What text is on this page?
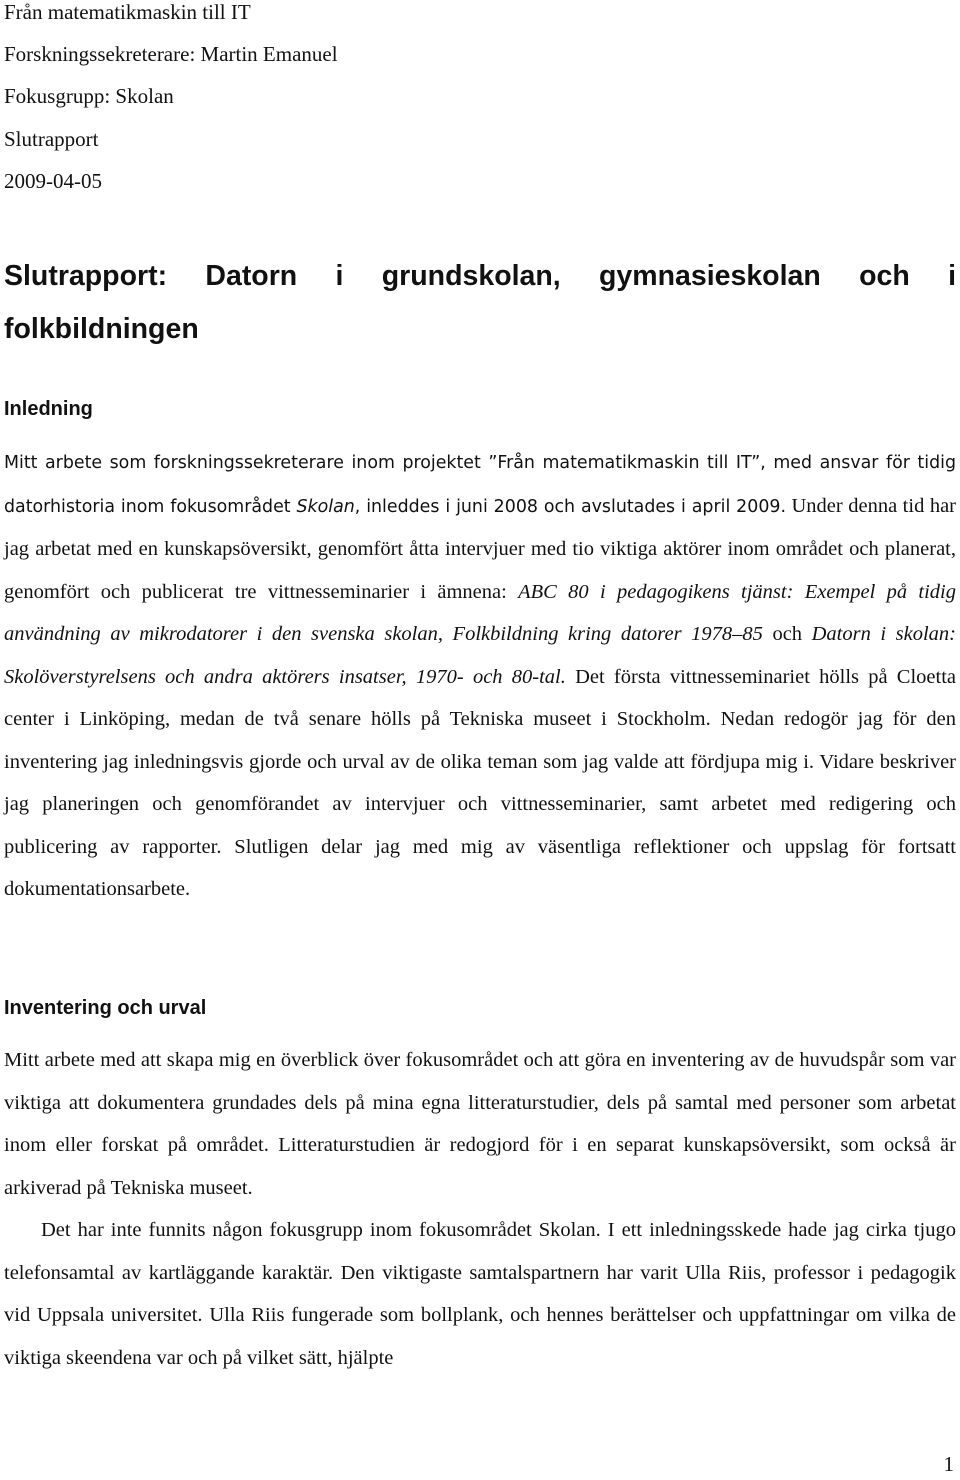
Från matematikmaskin till IT
Forskningssekreterare: Martin Emanuel
Fokusgrupp: Skolan
Slutrapport
2009-04-05
Slutrapport: Datorn i grundskolan, gymnasieskolan och i folkbildningen
Inledning

Mitt arbete som forskningssekreterare inom projektet ”Från matematikmaskin till IT”, med ansvar för tidig datorhistoria inom fokusområdet Skolan, inleddes i juni 2008 och avslutades i april 2009. Under denna tid har jag arbetat med en kunskapsöversikt, genomfört åtta intervjuer med tio viktiga aktörer inom området och planerat, genomfört och publicerat tre vittnesseminarier i ämnena: ABC 80 i pedagogikens tjänst: Exempel på tidig användning av mikrodatorer i den svenska skolan, Folkbildning kring datorer 1978–85 och Datorn i skolan: Skolöverstyrelsens och andra aktörers insatser, 1970- och 80-tal. Det första vittnesseminariet hölls på Cloetta center i Linköping, medan de två senare hölls på Tekniska museet i Stockholm. Nedan redogör jag för den inventering jag inledningsvis gjorde och urval av de olika teman som jag valde att fördjupa mig i. Vidare beskriver jag planeringen och genomförandet av intervjuer och vittnesseminarier, samt arbetet med redigering och publicering av rapporter. Slutligen delar jag med mig av väsentliga reflektioner och uppslag för fortsatt dokumentationsarbete.

Inventering och urval

Mitt arbete med att skapa mig en överblick över fokusområdet och att göra en inventering av de huvudspår som var viktiga att dokumentera grundades dels på mina egna litteraturstudier, dels på samtal med personer som arbetat inom eller forskat på området. Litteraturstudien är redogjord för i en separat kunskapsöversikt, som också är arkiverad på Tekniska museet.

Det har inte funnits någon fokusgrupp inom fokusområdet Skolan. I ett inledningsskede hade jag cirka tjugo telefonsamtal av kartläggande karaktär. Den viktigaste samtalspartnern har varit Ulla Riis, professor i pedagogik vid Uppsala universitet. Ulla Riis fungerade som bollplank, och hennes berättelser och uppfattningar om vilka de viktiga skeendena var och på vilket sätt, hjälpte

1
